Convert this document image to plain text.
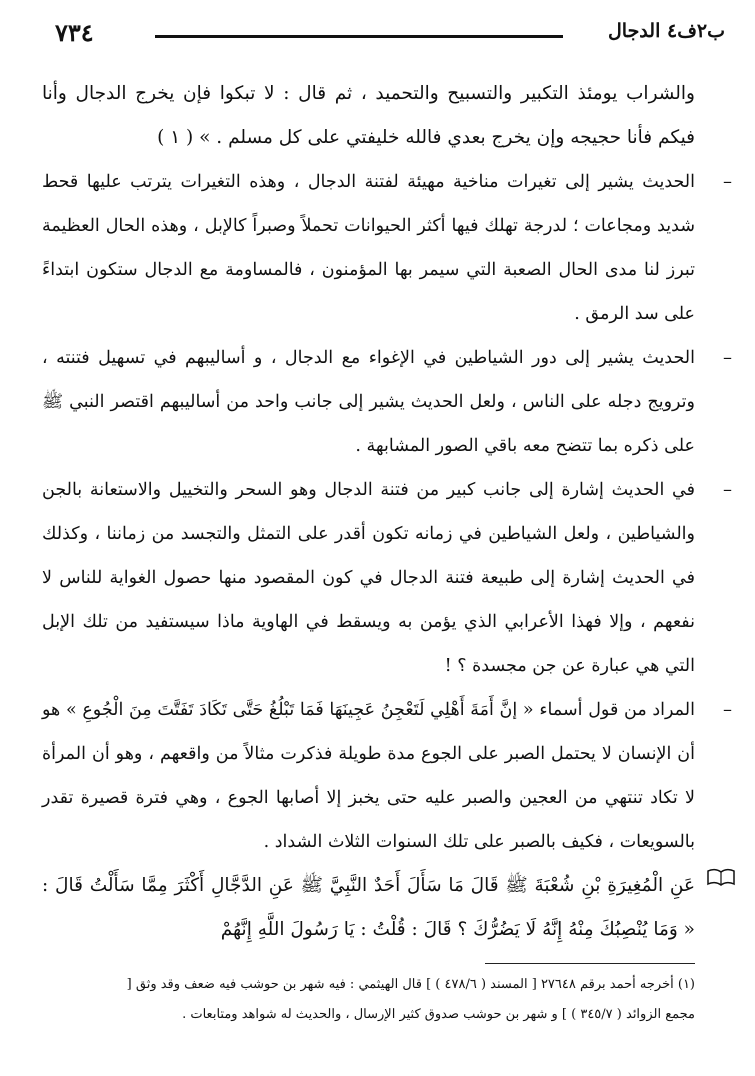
ب٢ف٤ الدجال
٧٣٤

والشراب يومئذ التكبير والتسبيح والتحميد ، ثم قال : لا تبكوا فإن يخرج الدجال وأنا فيكم فأنا حجيجه وإن يخرج بعدي فالله خليفتي على كل مسلم . » ( ١ )

–

الحديث يشير إلى تغيرات مناخية مهيئة لفتنة الدجال ، وهذه التغيرات يترتب عليها قحط شديد ومجاعات ؛ لدرجة تهلك فيها أكثر الحيوانات تحملاً وصبراً كالإبل ، وهذه الحال العظيمة تبرز لنا مدى الحال الصعبة التي سيمر بها المؤمنون ، فالمساومة مع الدجال ستكون ابتداءً على سد الرمق .

–

الحديث يشير إلى دور الشياطين في الإغواء مع الدجال ، و أساليبهم في تسهيل فتنته ، وترويج دجله على الناس ، ولعل الحديث يشير إلى جانب واحد من أساليبهم اقتصر النبي ﷺ على ذكره بما تتضح معه باقي الصور المشابهة .

–

في الحديث إشارة إلى جانب كبير من فتنة الدجال وهو السحر والتخييل والاستعانة بالجن والشياطين ، ولعل الشياطين في زمانه تكون أقدر على التمثل والتجسد من زماننا ، وكذلك في الحديث إشارة إلى طبيعة فتنة الدجال في كون المقصود منها حصول الغواية للناس لا نفعهم ، وإلا فهذا الأعرابي الذي يؤمن به ويسقط في الهاوية ماذا سيستفيد من تلك الإبل التي هي عبارة عن جن مجسدة ؟ !

–

المراد من قول أسماء « إنَّ أَمَةَ أَهْلِي لَتَعْجِنُ عَجِينَهَا فَمَا تَبْلُغُ حَتَّى تَكَادَ تَفَتَّتَ مِنَ الْجُوعِ » هو أن الإنسان لا يحتمل الصبر على الجوع مدة طويلة فذكرت مثالاً من واقعهم ، وهو أن المرأة لا تكاد تنتهي من العجين والصبر عليه حتى يخبز إلا أصابها الجوع ، وهي فترة قصيرة تقدر بالسويعات ، فكيف بالصبر على تلك السنوات الثلاث الشداد .

عَنِ الْمُغِيرَةِ بْنِ شُعْبَةَ ﷺ قَالَ مَا سَأَلَ أَحَدٌ النَّبِيَّ ﷺ عَنِ الدَّجَّالِ أَكْثَرَ مِمَّا سَأَلْتُ قَالَ : « وَمَا يُنْصِبُكَ مِنْهُ إِنَّهُ لَا يَضُرُّكَ ؟ قَالَ : قُلْتُ : يَا رَسُولَ اللَّهِ إِنَّهُمْ

(١) أخرجه أحمد برقم ٢٧٦٤٨ [ المسند ( ٤٧٨/٦ ) ] قال الهيثمي : فيه شهر بن حوشب فيه ضعف وقد وثق [

مجمع الزوائد ( ٣٤٥/٧ ) ] و شهر بن حوشب صدوق كثير الإرسال ، والحديث له شواهد ومتابعات .
